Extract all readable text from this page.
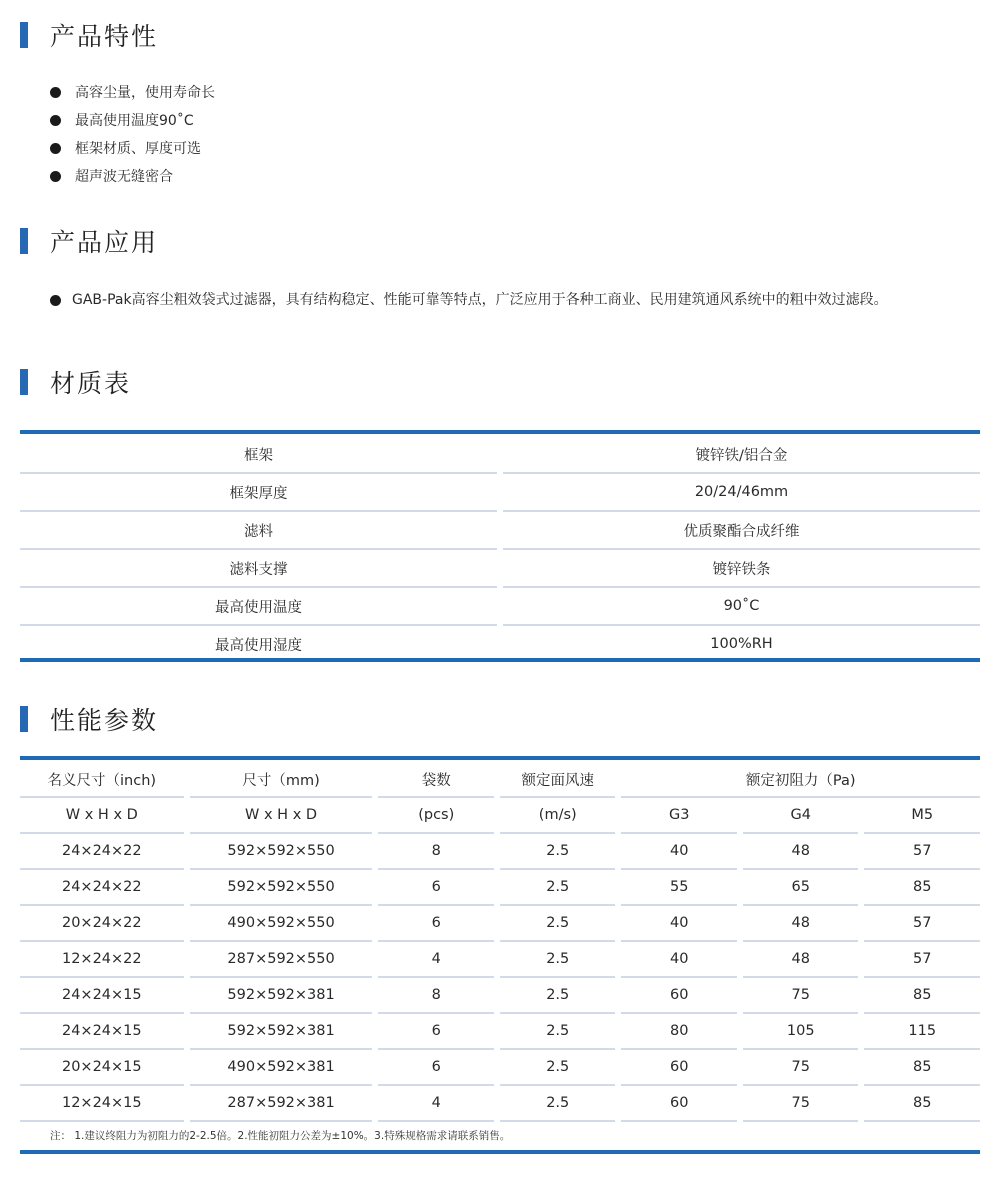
产品特性
高容尘量，使用寿命长
最高使用温度90˚C
框架材质、厚度可选
超声波无缝密合
产品应用
GAB-Pak高容尘粗效袋式过滤器，具有结构稳定、性能可靠等特点，广泛应用于各种工商业、民用建筑通风系统中的粗中效过滤段。
材质表
框架	镀锌铁/铝合金
框架厚度	20/24/46mm
滤料	优质聚酯合成纤维
滤料支撑	镀锌铁条
最高使用温度	90˚C
最高使用湿度	100%RH
性能参数
名义尺寸（inch)	尺寸（mm)	袋数	额定面风速	额定初阻力（Pa)		
W x H x D	W x H x D	(pcs)	(m/s)	G3	G4	M5
24×24×22	592×592×550	8	2.5	40	48	57
24×24×22	592×592×550	6	2.5	55	65	85
20×24×22	490×592×550	6	2.5	40	48	57
12×24×22	287×592×550	4	2.5	40	48	57
24×24×15	592×592×381	8	2.5	60	75	85
24×24×15	592×592×381	6	2.5	80	105	115
20×24×15	490×592×381	6	2.5	60	75	85
12×24×15	287×592×381	4	2.5	60	75	85
注： 1.建议终阻力为初阻力的2-2.5倍。2.性能初阻力公差为±10%。3.特殊规格需求请联系销售。
